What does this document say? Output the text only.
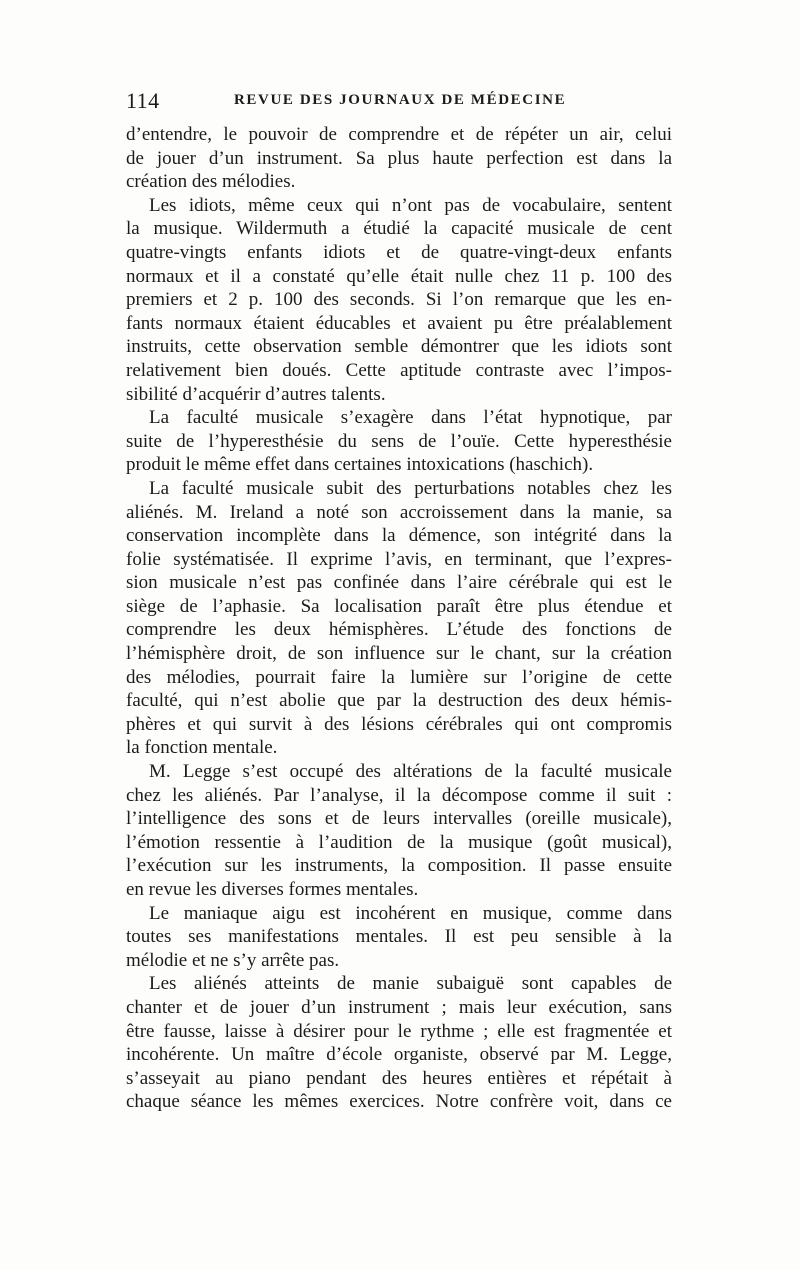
114	REVUE DES JOURNAUX DE MÉDECINE
d’entendre, le pouvoir de comprendre et de répéter un air, celui
de jouer d’un instrument. Sa plus haute perfection est dans la
création des mélodies.
Les idiots, même ceux qui n’ont pas de vocabulaire, sentent
la musique. Wildermuth a étudié la capacité musicale de cent
quatre-vingts enfants idiots et de quatre-vingt-deux enfants
normaux et il a constaté qu’elle était nulle chez 11 p. 100 des
premiers et 2 p. 100 des seconds. Si l’on remarque que les en-
fants normaux étaient éducables et avaient pu être préalablement
instruits, cette observation semble démontrer que les idiots sont
relativement bien doués. Cette aptitude contraste avec l’impos-
sibilité d’acquérir d’autres talents.
La faculté musicale s’exagère dans l’état hypnotique, par
suite de l’hyperesthésie du sens de l’ouïe. Cette hyperesthésie
produit le même effet dans certaines intoxications (haschich).
La faculté musicale subit des perturbations notables chez les
aliénés. M. Ireland a noté son accroissement dans la manie, sa
conservation incomplète dans la démence, son intégrité dans la
folie systématisée. Il exprime l’avis, en terminant, que l’expres-
sion musicale n’est pas confinée dans l’aire cérébrale qui est le
siège de l’aphasie. Sa localisation paraît être plus étendue et
comprendre les deux hémisphères. L’étude des fonctions de
l’hémisphère droit, de son influence sur le chant, sur la création
des mélodies, pourrait faire la lumière sur l’origine de cette
faculté, qui n’est abolie que par la destruction des deux hémis-
phères et qui survit à des lésions cérébrales qui ont compromis
la fonction mentale.
M. Legge s’est occupé des altérations de la faculté musicale
chez les aliénés. Par l’analyse, il la décompose comme il suit :
l’intelligence des sons et de leurs intervalles (oreille musicale),
l’émotion ressentie à l’audition de la musique (goût musical),
l’exécution sur les instruments, la composition. Il passe ensuite
en revue les diverses formes mentales.
Le maniaque aigu est incohérent en musique, comme dans
toutes ses manifestations mentales. Il est peu sensible à la
mélodie et ne s’y arrête pas.
Les aliénés atteints de manie subaiguë sont capables de
chanter et de jouer d’un instrument ; mais leur exécution, sans
être fausse, laisse à désirer pour le rythme ; elle est fragmentée et
incohérente. Un maître d’école organiste, observé par M. Legge,
s’asseyait au piano pendant des heures entières et répétait à
chaque séance les mêmes exercices. Notre confrère voit, dans ce
